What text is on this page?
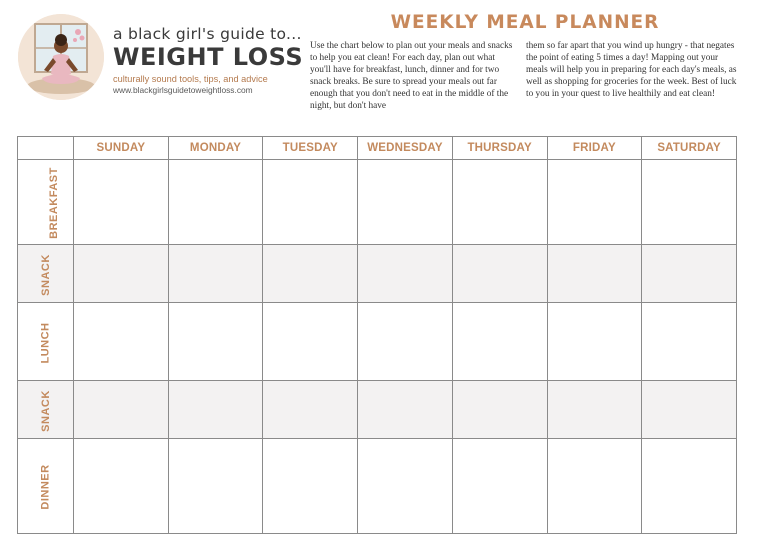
a black girl's guide to...
WEIGHT LOSS
culturally sound tools, tips, and advice
www.blackgirlsguidetoweightloss.com
WEEKLY MEAL PLANNER
Use the chart below to plan out your meals and snacks to help you eat clean! For each day, plan out what you'll have for breakfast, lunch, dinner and for two snack breaks. Be sure to spread your meals out far enough that you don't need to eat in the middle of the night, but don't have
them so far apart that you wind up hungry - that negates the point of eating 5 times a day! Mapping out your meals will help you in preparing for each day's meals, as well as shopping for groceries for the week. Best of luck to you in your quest to live healthily and eat clean!
	SUNDAY	MONDAY	TUESDAY	WEDNESDAY	THURSDAY	FRIDAY	SATURDAY
BREAKFAST							
SNACK							
LUNCH							
SNACK							
DINNER							
